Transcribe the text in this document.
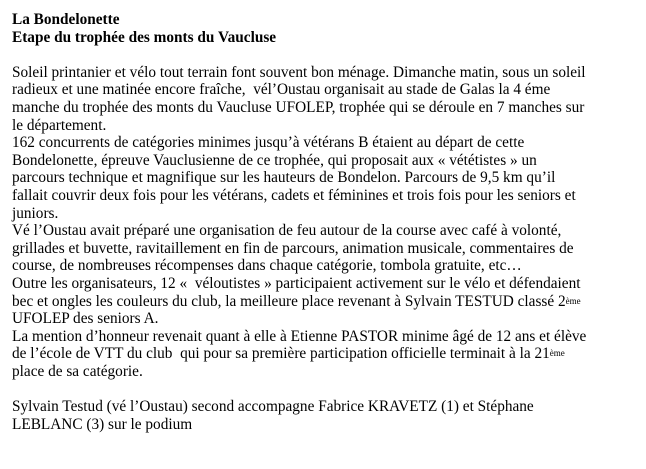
La Bondelonette
Etape du trophée des monts du Vaucluse
Soleil printanier et vélo tout terrain font souvent bon ménage. Dimanche matin, sous un soleil
radieux et une matinée encore fraîche,  vél’Oustau organisait au stade de Galas la 4 éme
manche du trophée des monts du Vaucluse UFOLEP, trophée qui se déroule en 7 manches sur
le département.
162 concurrents de catégories minimes jusqu’à vétérans B étaient au départ de cette
Bondelonette, épreuve Vauclusienne de ce trophée, qui proposait aux « vététistes » un
parcours technique et magnifique sur les hauteurs de Bondelon. Parcours de 9,5 km qu’il
fallait couvrir deux fois pour les vétérans, cadets et féminines et trois fois pour les seniors et
juniors.
Vé l’Oustau avait préparé une organisation de feu autour de la course avec café à volonté,
grillades et buvette, ravitaillement en fin de parcours, animation musicale, commentaires de
course, de nombreuses récompenses dans chaque catégorie, tombola gratuite, etc…
Outre les organisateurs, 12 «  véloutistes » participaient activement sur le vélo et défendaient
bec et ongles les couleurs du club, la meilleure place revenant à Sylvain TESTUD classé 2ème
UFOLEP des seniors A.
La mention d’honneur revenait quant à elle à Etienne PASTOR minime âgé de 12 ans et élève
de l’école de VTT du club  qui pour sa première participation officielle terminait à la 21ème
place de sa catégorie.
Sylvain Testud (vé l’Oustau) second accompagne Fabrice KRAVETZ (1) et Stéphane
LEBLANC (3) sur le podium
